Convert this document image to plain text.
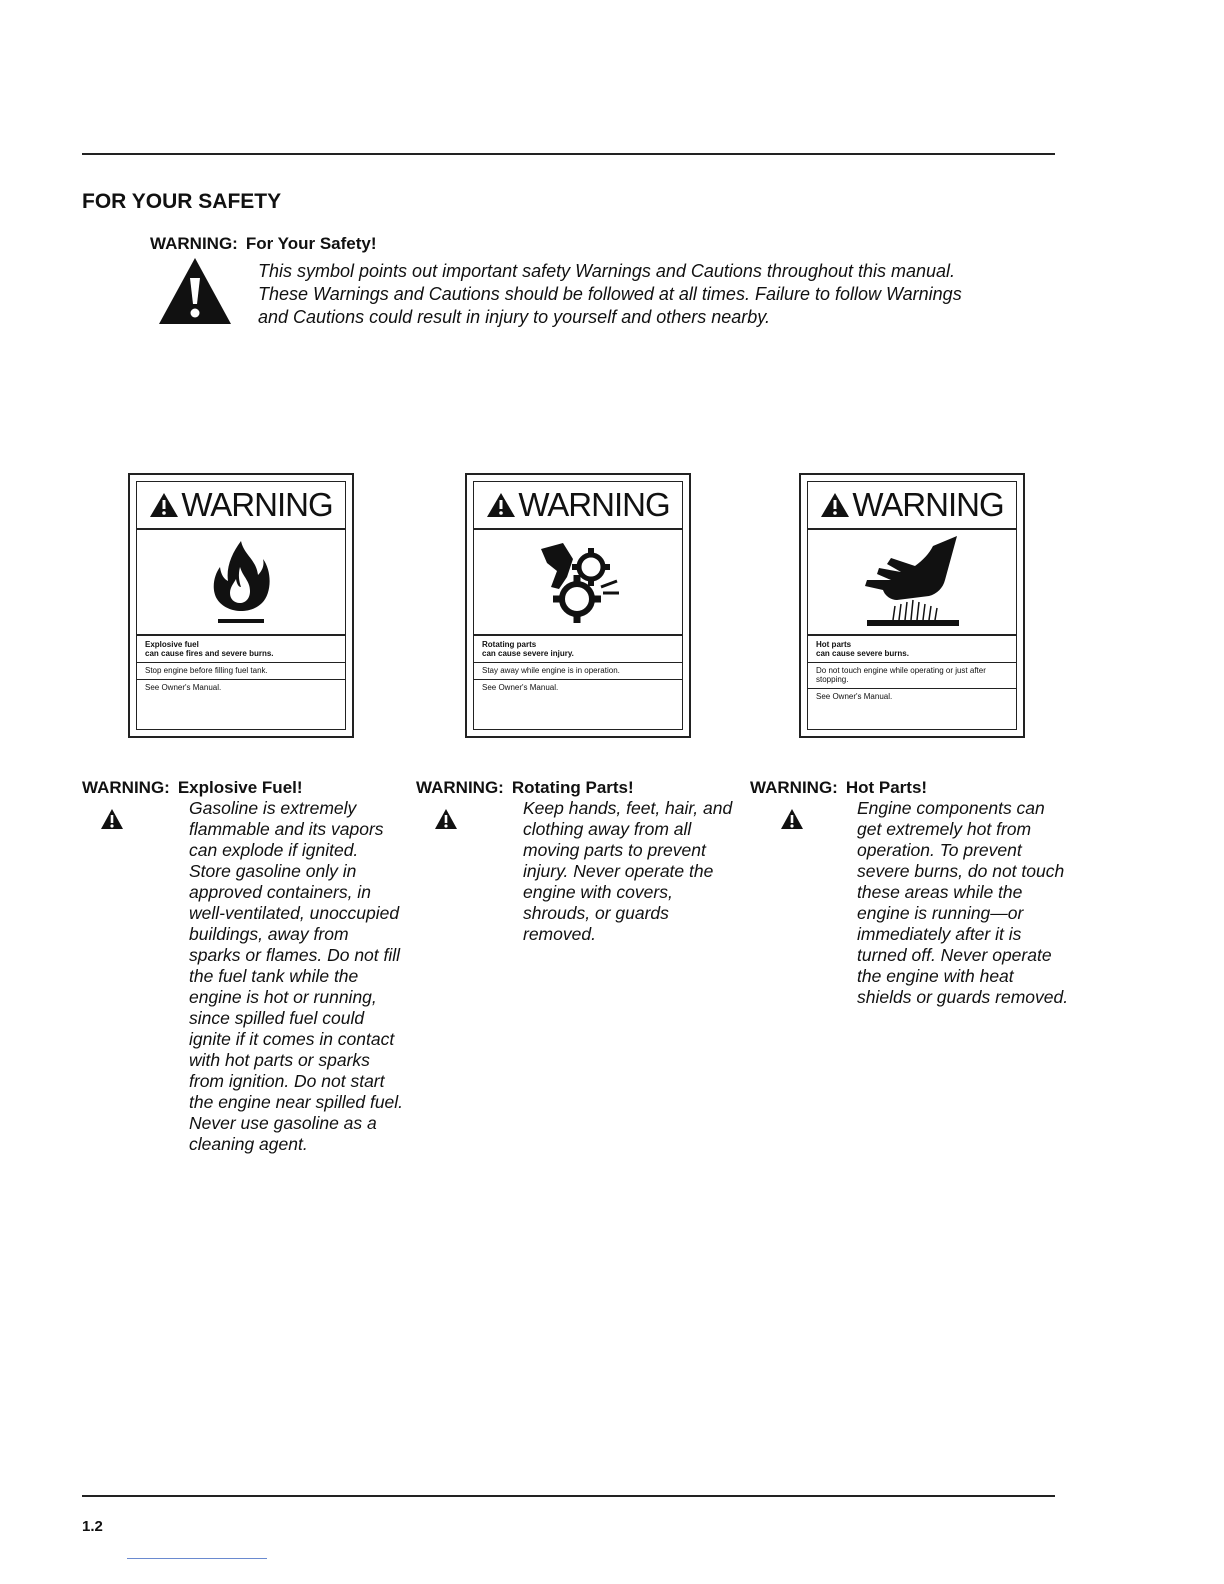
FOR YOUR SAFETY
WARNING: For Your Safety!

This symbol points out important safety Warnings and Cautions throughout this manual. These Warnings and Cautions should be followed at all times. Failure to follow Warnings and Cautions could result in injury to yourself and others nearby.

WARNING
Explosive fuel
can cause fires and severe burns.
Stop engine before filling fuel tank.
See Owner's Manual.
WARNING
Rotating parts
can cause severe injury.
Stay away while engine is in operation.
See Owner's Manual.
WARNING
Hot parts
can cause severe burns.
Do not touch engine while operating or just after stopping.
See Owner's Manual.
WARNING: Explosive Fuel!

Gasoline is extremely flammable and its vapors can explode if ignited. Store gasoline only in approved containers, in well-ventilated, unoccupied buildings, away from sparks or flames. Do not fill the fuel tank while the engine is hot or running, since spilled fuel could ignite if it comes in contact with hot parts or sparks from ignition. Do not start the engine near spilled fuel. Never use gasoline as a cleaning agent.

WARNING: Rotating Parts!

Keep hands, feet, hair, and clothing away from all moving parts to prevent injury. Never operate the engine with covers, shrouds, or guards removed.

WARNING: Hot Parts!

Engine components can get extremely hot from operation. To prevent severe burns, do not touch these areas while the engine is running—or immediately after it is turned off. Never operate the engine with heat shields or guards removed.

1.2
